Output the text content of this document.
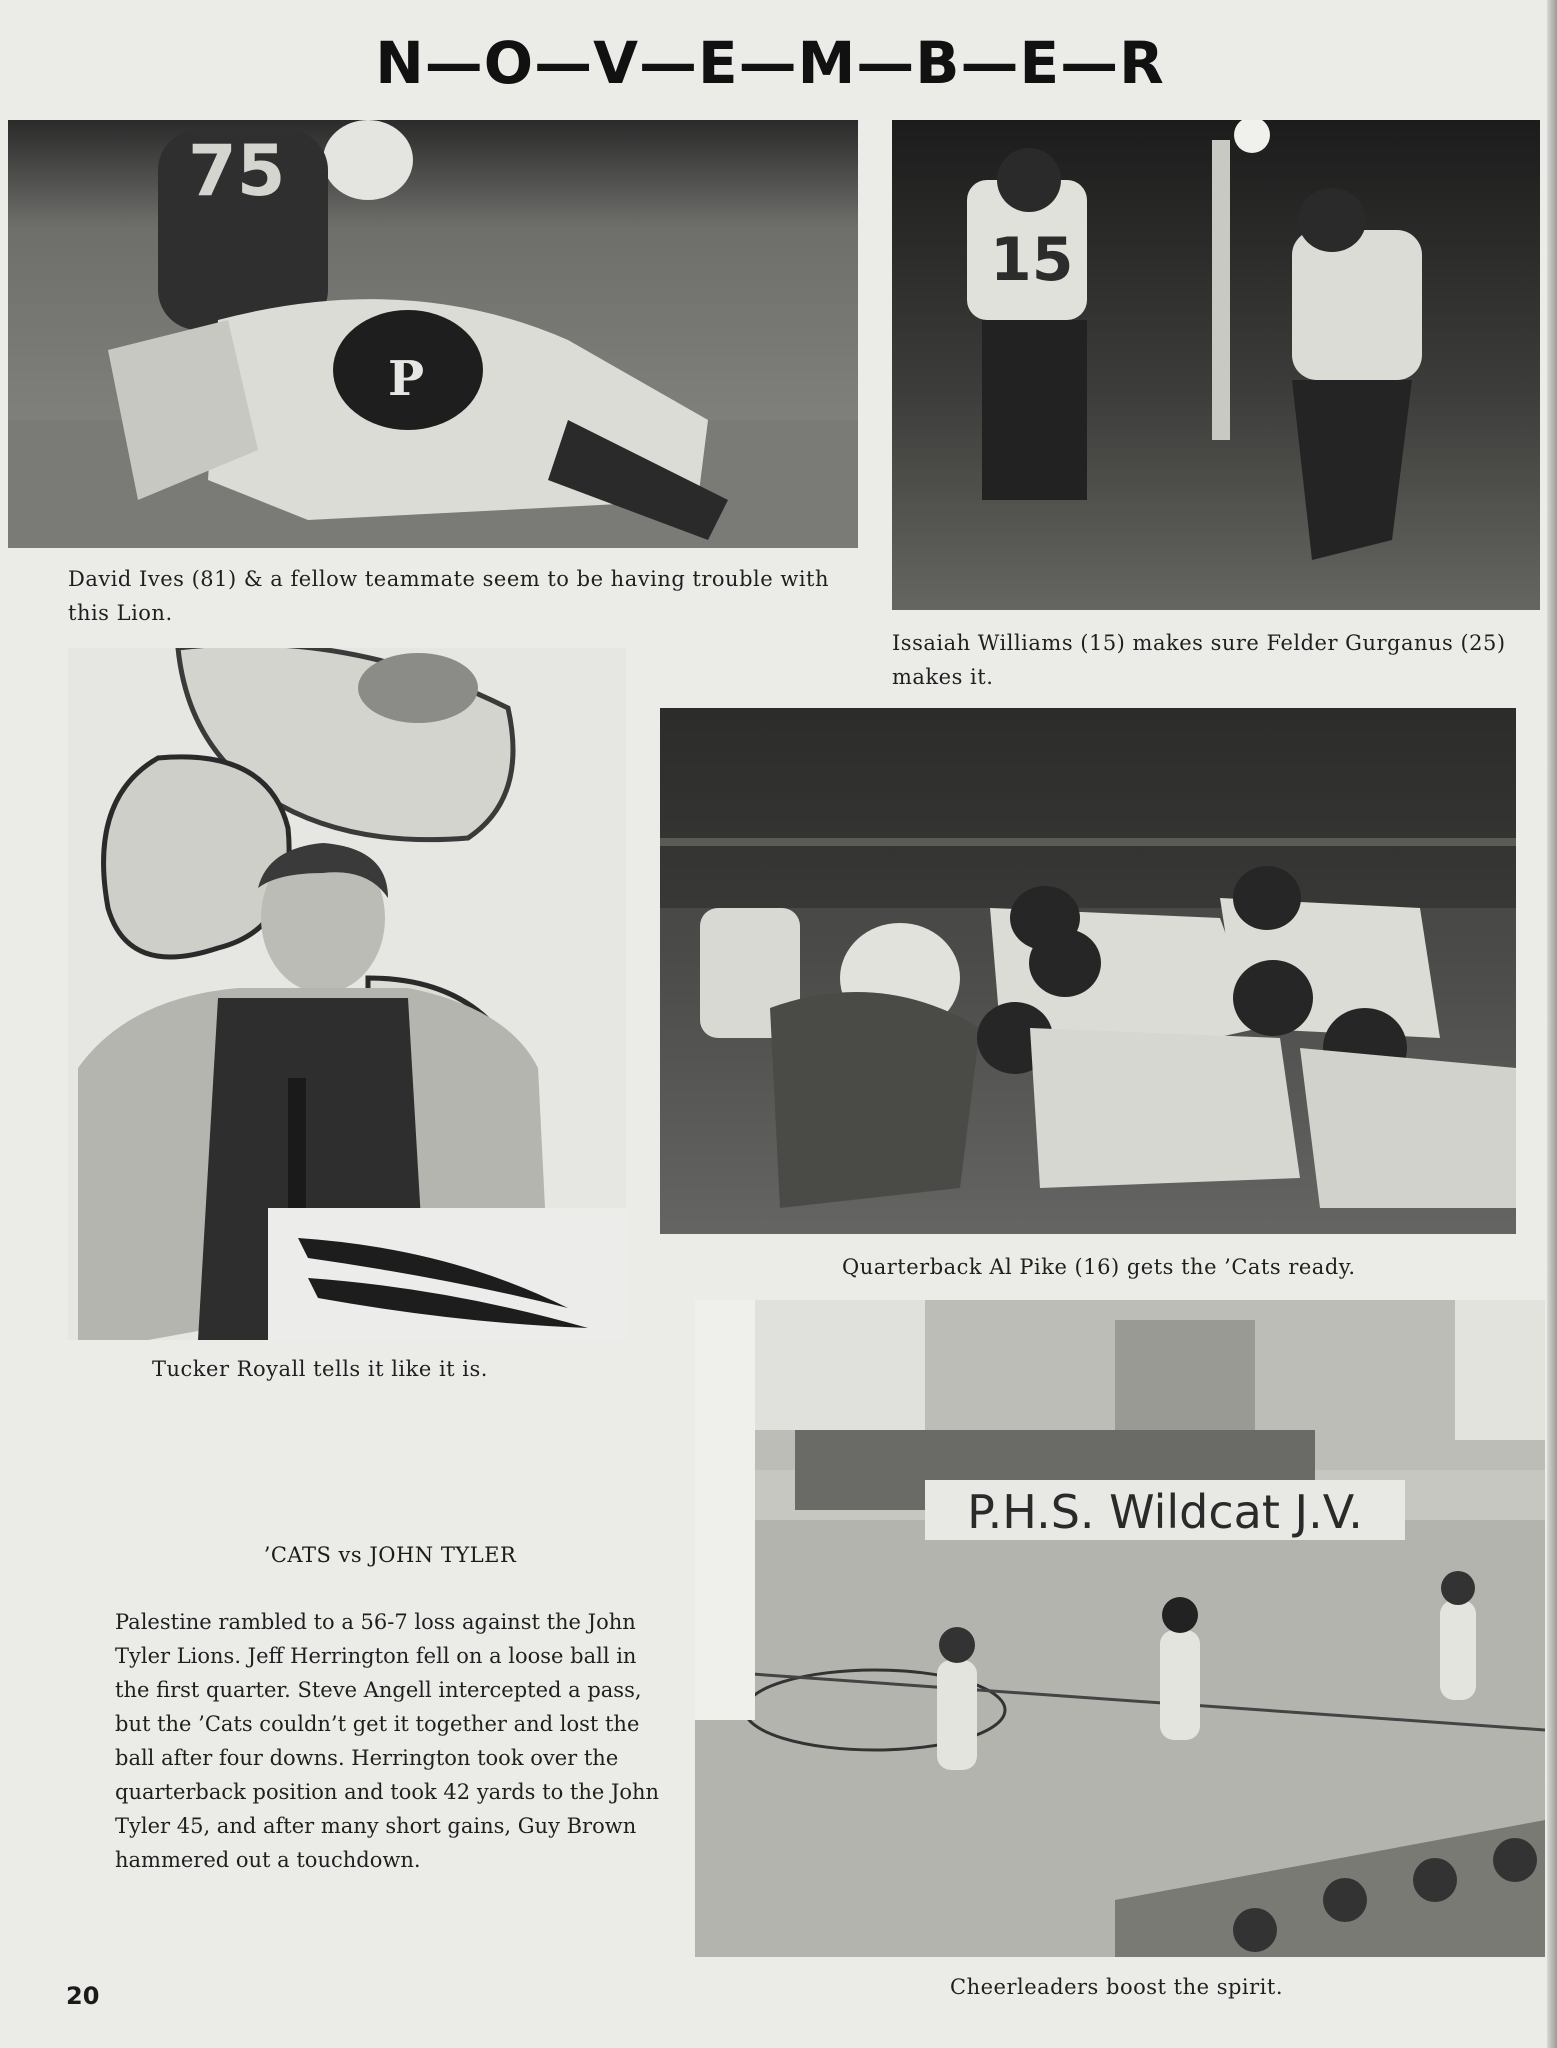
N—O—V—E—M—B—E—R
75
P
David Ives (81) & a fellow teammate seem to be having trouble with this Lion.
15
Issaiah Williams (15) makes sure Felder Gurganus (25) makes it.
Tucker Royall tells it like it is.
Quarterback Al Pike (16) gets the ’Cats ready.
P.H.S. Wildcat J.V.
Cheerleaders boost the spirit.
’CATS vs JOHN TYLER
Palestine rambled to a 56-7 loss against the John Tyler Lions. Jeff Herrington fell on a loose ball in the first quarter. Steve Angell intercepted a pass, but the ’Cats couldn’t get it together and lost the ball after four downs. Herrington took over the quarterback position and took 42 yards to the John Tyler 45, and after many short gains, Guy Brown hammered out a touchdown.
20
